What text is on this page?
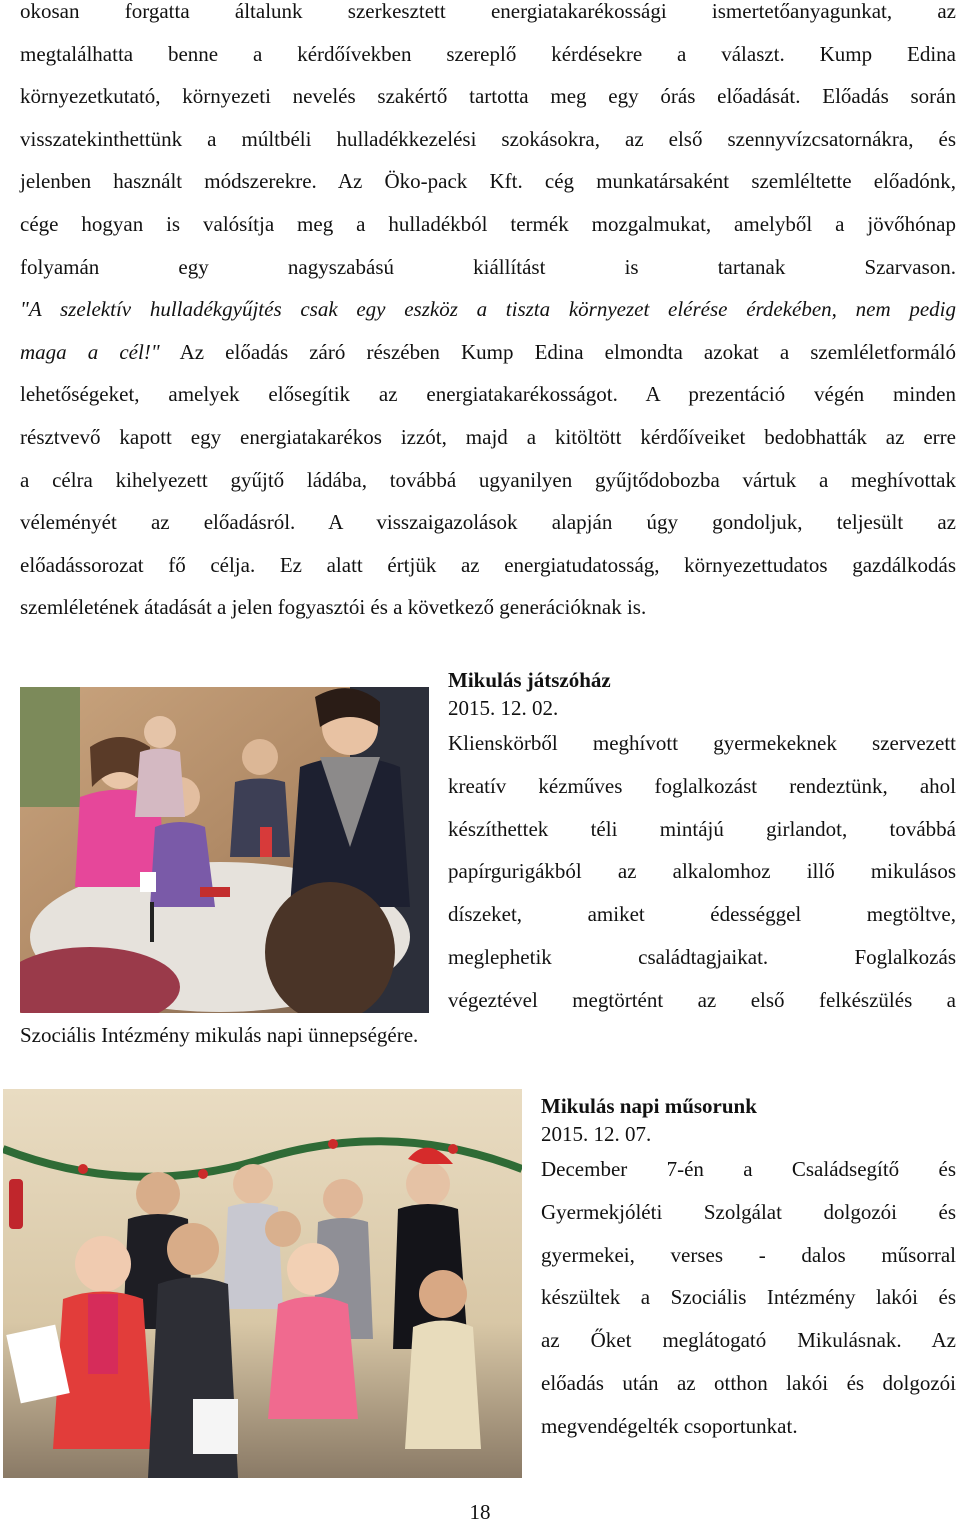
okosan forgatta általunk szerkesztett energiatakarékossági ismertetőanyagunkat, az
megtalálhatta benne a kérdőívekben szereplő kérdésekre a választ. Kump Edina
környezetkutató, környezeti nevelés szakértő tartotta meg egy órás előadását. Előadás során
visszatekinthettünk a múltbéli hulladékkezelési szokásokra, az első szennyvízcsatornákra, és
jelenben használt módszerekre. Az Öko-pack Kft. cég munkatársaként szemléltette előadónk,
cége hogyan is valósítja meg a hulladékból termék mozgalmukat, amelyből a jövőhónap
folyamán egy nagyszabású kiállítást is tartanak Szarvason.
"A szelektív hulladékgyűjtés csak egy eszköz a tiszta környezet elérése érdekében, nem pedig
maga a cél!" Az előadás záró részében Kump Edina elmondta azokat a szemléletformáló
lehetőségeket, amelyek elősegítik az energiatakarékosságot. A prezentáció végén minden
résztvevő kapott egy energiatakarékos izzót, majd a kitöltött kérdőíveiket bedobhatták az erre
a célra kihelyezett gyűjtő ládába, továbbá ugyanilyen gyűjtődobozba vártuk a meghívottak
véleményét az előadásról. A visszaigazolások alapján úgy gondoljuk, teljesült az
előadássorozat fő célja. Ez alatt értjük az energiatudatosság, környezettudatos gazdálkodás
szemléletének átadását a jelen fogyasztói és a következő generációknak is.
Mikulás játszóház
2015. 12. 02.
Klienskörből meghívott gyermekeknek szervezett
kreatív kézműves foglalkozást rendeztünk, ahol
készíthettek téli mintájú girlandot, továbbá
papírgurigákból az alkalomhoz illő mikulásos
díszeket, amiket édességgel megtöltve,
meglephetik családtagjaikat. Foglalkozás
végeztével megtörtént az első felkészülés a
Szociális Intézmény mikulás napi ünnepségére.
Mikulás napi műsorunk
2015. 12. 07.
December 7-én a Családsegítő és
Gyermekjóléti Szolgálat dolgozói és
gyermekei, verses - dalos műsorral
készültek a Szociális Intézmény lakói és
az Őket meglátogató Mikulásnak. Az
előadás után az otthon lakói és dolgozói
megvendégelték csoportunkat.
18
